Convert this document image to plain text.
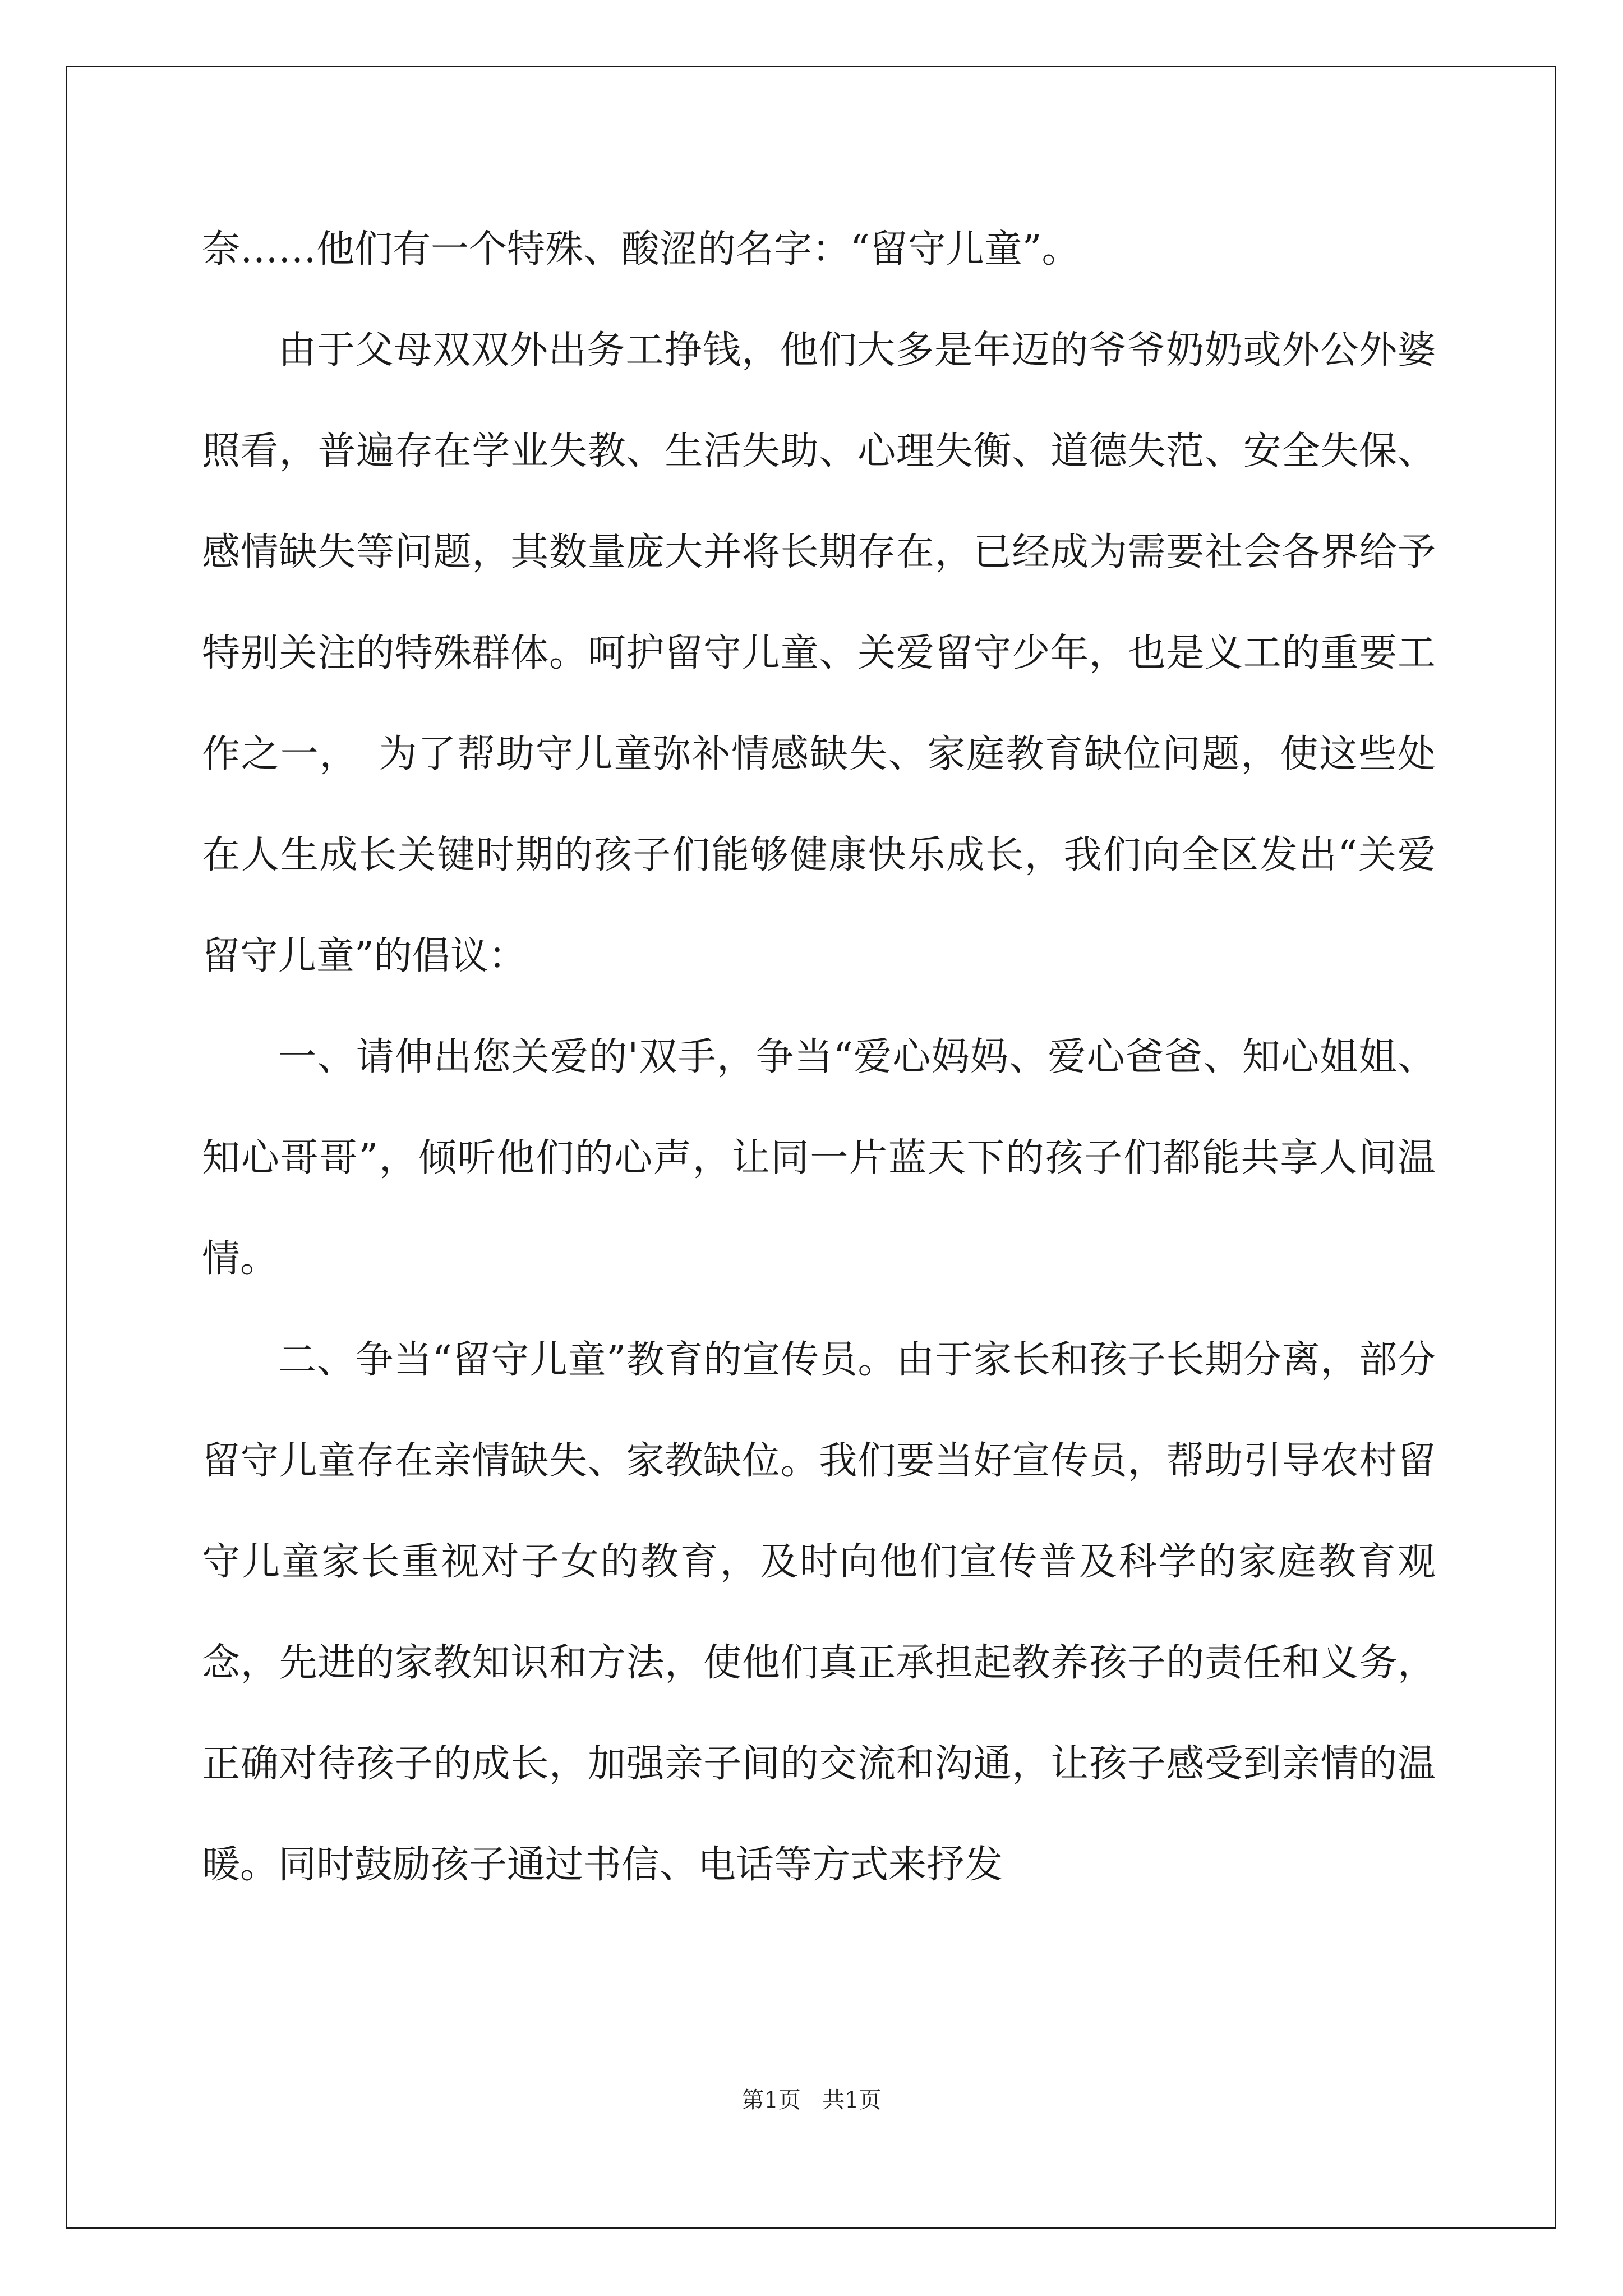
奈……他们有一个特殊、酸涩的名字：“留守儿童”。

由于父母双双外出务工挣钱，他们大多是年迈的爷爷奶奶或外公外婆照看，普遍存在学业失教、生活失助、心理失衡、道德失范、安全失保、感情缺失等问题，其数量庞大并将长期存在，已经成为需要社会各界给予特别关注的特殊群体。呵护留守儿童、关爱留守少年，也是义工的重要工作之一，　为了帮助守儿童弥补情感缺失、家庭教育缺位问题，使这些处在人生成长关键时期的孩子们能够健康快乐成长，我们向全区发出“关爱留守儿童”的倡议：

一、请伸出您关爱的'双手，争当“爱心妈妈、爱心爸爸、知心姐姐、知心哥哥”，倾听他们的心声，让同一片蓝天下的孩子们都能共享人间温情。

二、争当“留守儿童”教育的宣传员。由于家长和孩子长期分离，部分留守儿童存在亲情缺失、家教缺位。我们要当好宣传员，帮助引导农村留守儿童家长重视对子女的教育，及时向他们宣传普及科学的家庭教育观念，先进的家教知识和方法，使他们真正承担起教养孩子的责任和义务，正确对待孩子的成长，加强亲子间的交流和沟通，让孩子感受到亲情的温暖。同时鼓励孩子通过书信、电话等方式来抒发

第1页 共1页
